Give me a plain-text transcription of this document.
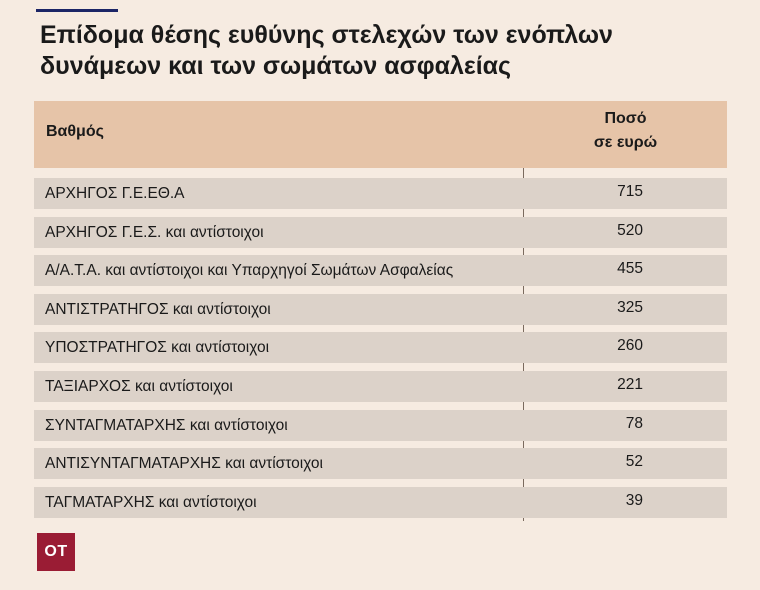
Επίδομα θέσης ευθύνης στελεχών των ενόπλων
δυνάμεων και των σωμάτων ασφαλείας
Βαθμός
Ποσό
σε ευρώ
ΑΡΧΗΓΟΣ Γ.Ε.ΕΘ.Α	715
ΑΡΧΗΓΟΣ Γ.Ε.Σ. και αντίστοιχοι	520
Α/Α.Τ.Α. και αντίστοιχοι και Υπαρχηγοί Σωμάτων Ασφαλείας	455
ΑΝΤΙΣΤΡΑΤΗΓΟΣ και αντίστοιχοι	325
ΥΠΟΣΤΡΑΤΗΓΟΣ και αντίστοιχοι	260
ΤΑΞΙΑΡΧΟΣ και αντίστοιχοι	221
ΣΥΝΤΑΓΜΑΤΑΡΧΗΣ και αντίστοιχοι	78
ΑΝΤΙΣΥΝΤΑΓΜΑΤΑΡΧΗΣ και αντίστοιχοι	52
ΤΑΓΜΑΤΑΡΧΗΣ και αντίστοιχοι	39
OT
